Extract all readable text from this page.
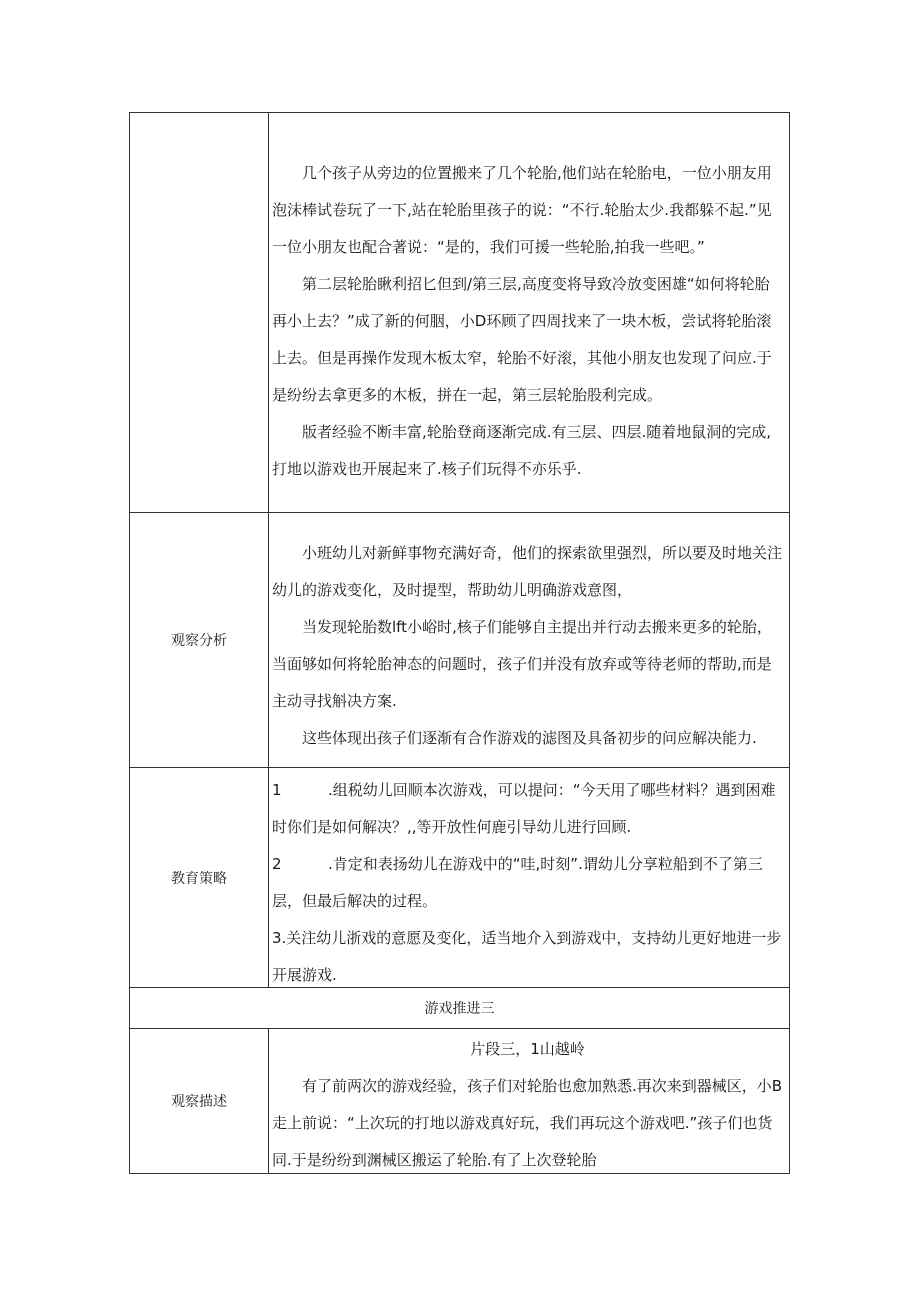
几个孩子从旁边的位置搬来了几个轮胎,他们站在轮胎电，一位小朋友用泡沫棒试卷玩了一下,站在轮胎里孩子的说：“不行.轮胎太少.我都躲不起.”见一位小朋友也配合著说：“是的，我们可援一些轮胎,拍我一些吧。”

第二层轮胎瞅利招匕但到/第三层,高度变将导致冷放变困雄“如何将轮胎再小上去？”成了新的何胭，小D环顾了四周找来了一块木板，尝试将轮胎滚上去。但是再操作发现木板太窄，轮胎不好滚，其他小朋友也发现了问应.于是纷纷去拿更多的木板，拼在一起，第三层轮胎股利完成。

版者经验不断丰富,轮胎登商逐渐完成.有三层、四层.随着地鼠洞的完成,打地以游戏也开展起来了.核子们玩得不亦乐乎.

观察分析

小班幼儿对新鲜事物充满好奇，他们的探索欲里强烈，所以要及时地关注幼儿的游戏变化，及时提型，帮助幼儿明确游戏意图，

当发现轮胎数lft小峪时,核子们能够自主提出并行动去搬来更多的轮胎，当面够如何将轮胎神态的问题时，孩子们并没有放弃或等待老师的帮助,而是主动寻找斛决方案.

这些体现出孩子们逐渐有合作游戏的滤图及具备初步的问应解决能力.

教育策略

1	.组税幼儿回顺本次游戏，可以提问：“今天用了哪些材料？遇到困难时你们是如何解决？,,等开放性何鹿引导幼儿进行回顾.

2	.肯定和表扬幼儿在游戏中的“哇,时刻”.谓幼儿分享粒船到不了第三层，但最后解决的过程。

3.关注幼儿浙戏的意愿及变化，适当地介入到游戏中，支持幼儿更好地进一步开展游戏.

游戏推进三
观察描述

片段三，1山越岭

有了前两次的游戏经验，孩子们对轮胎也愈加熟悉.再次来到器械区，小B走上前说：“上次玩的打地以游戏真好玩，我们再玩这个游戏吧.”孩子们也货同.于是纷纷到渊械区搬运了轮胎.有了上次登轮胎
